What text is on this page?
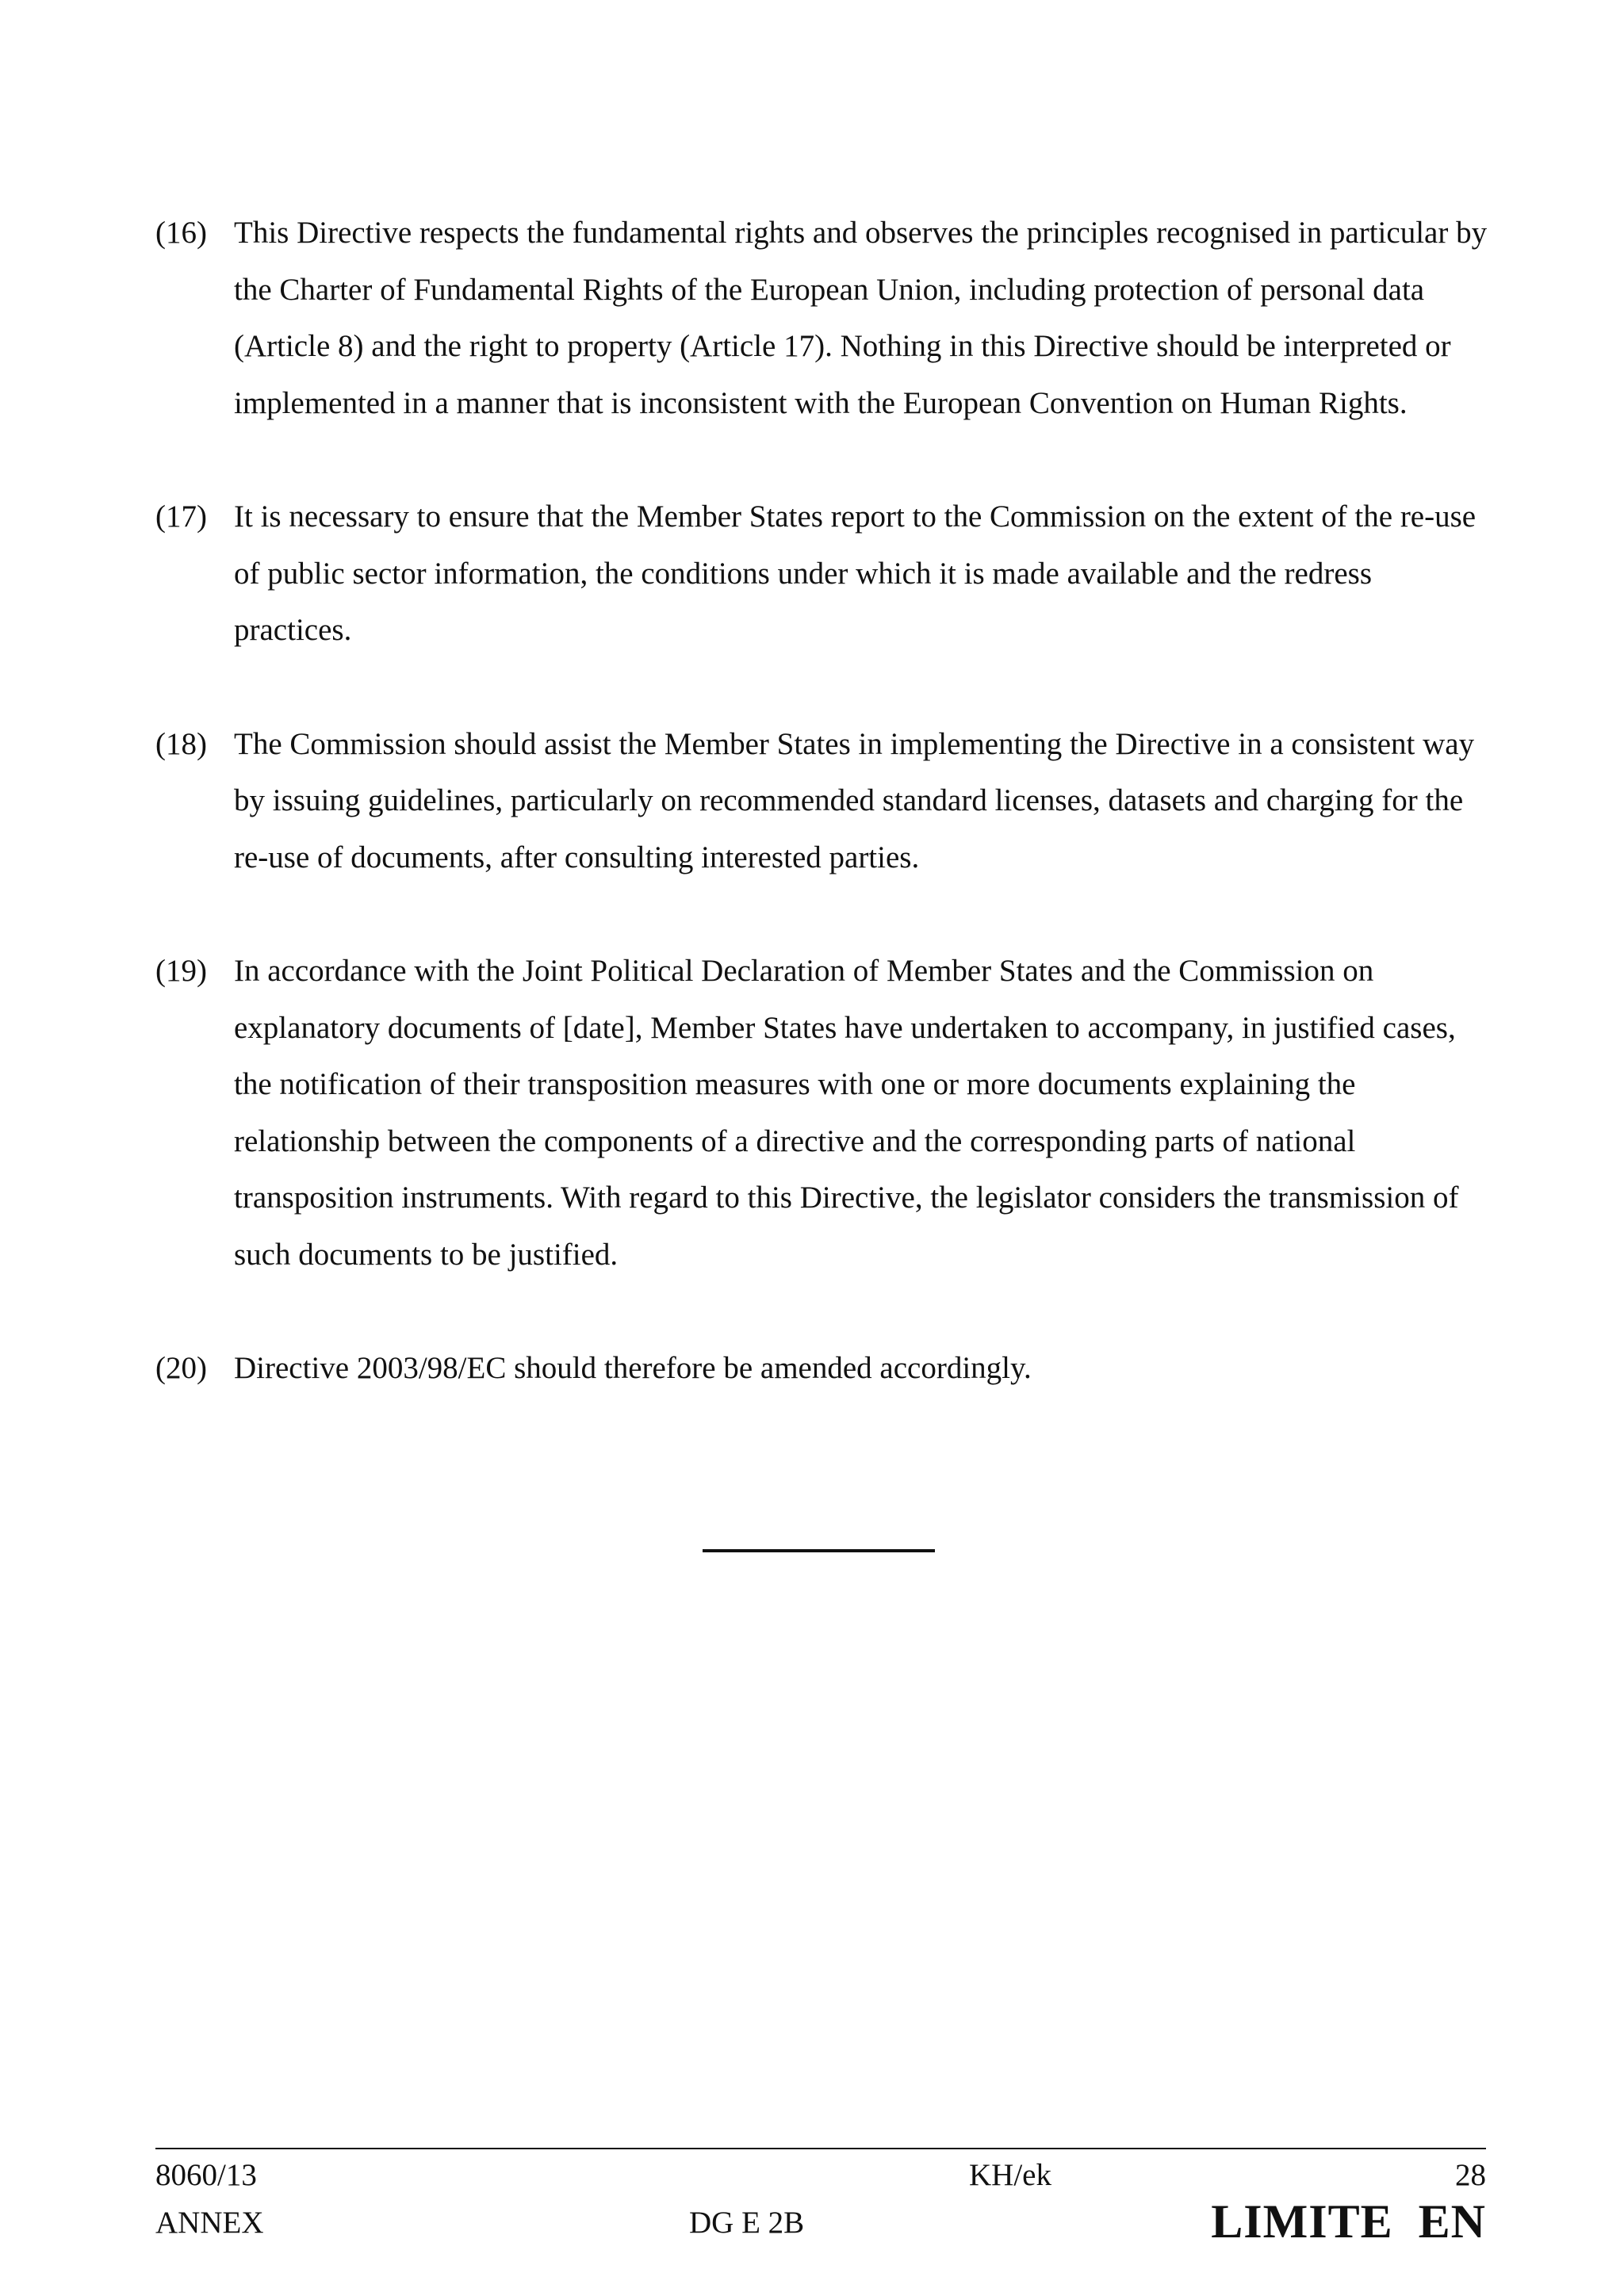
(16) This Directive respects the fundamental rights and observes the principles recognised in particular by the Charter of Fundamental Rights of the European Union, including protection of personal data (Article 8) and the right to property (Article 17). Nothing in this Directive should be interpreted or implemented in a manner that is inconsistent with the European Convention on Human Rights.
(17) It is necessary to ensure that the Member States report to the Commission on the extent of the re-use of public sector information, the conditions under which it is made available and the redress practices.
(18) The Commission should assist the Member States in implementing the Directive in a consistent way by issuing guidelines, particularly on recommended standard licenses, datasets and charging for the re-use of documents, after consulting interested parties.
(19) In accordance with the Joint Political Declaration of Member States and the Commission on explanatory documents of [date], Member States have undertaken to accompany, in justified cases, the notification of their transposition measures with one or more documents explaining the relationship between the components of a directive and the corresponding parts of national transposition instruments. With regard to this Directive, the legislator considers the transmission of such documents to be justified.
(20) Directive 2003/98/EC should therefore be amended accordingly.
8060/13
ANNEX
KH/ek
DG E 2B
28
LIMITE  EN
